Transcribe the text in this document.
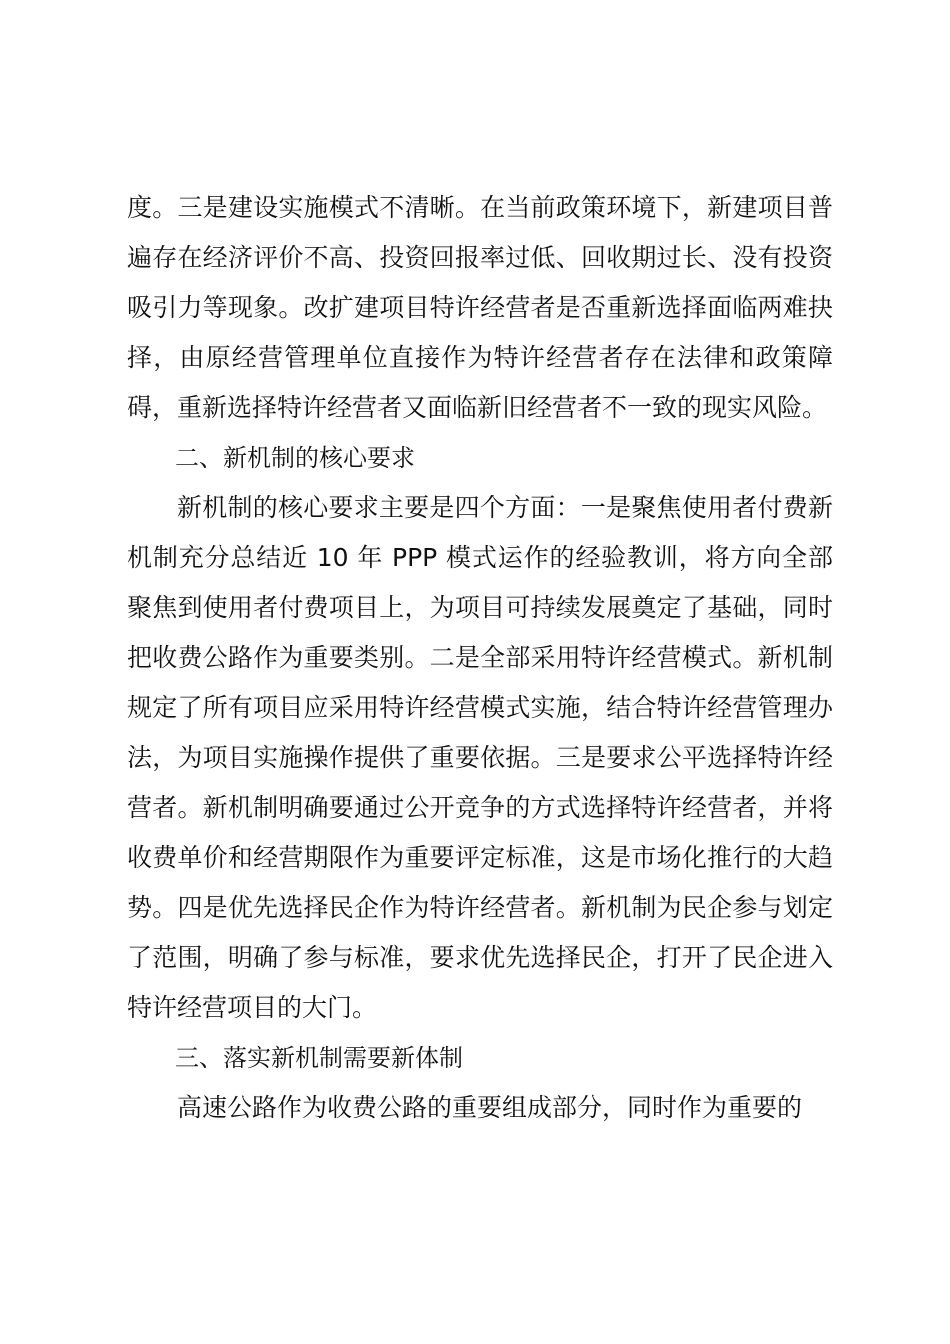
度。三是建设实施模式不清晰。在当前政策环境下，新建项目普遍存在经济评价不高、投资回报率过低、回收期过长、没有投资吸引力等现象。改扩建项目特许经营者是否重新选择面临两难抉择，由原经营管理单位直接作为特许经营者存在法律和政策障碍，重新选择特许经营者又面临新旧经营者不一致的现实风险。

二、新机制的核心要求

新机制的核心要求主要是四个方面：一是聚焦使用者付费新机制充分总结近 10 年 PPP 模式运作的经验教训，将方向全部聚焦到使用者付费项目上，为项目可持续发展奠定了基础，同时把收费公路作为重要类别。二是全部采用特许经营模式。新机制规定了所有项目应采用特许经营模式实施，结合特许经营管理办法，为项目实施操作提供了重要依据。三是要求公平选择特许经营者。新机制明确要通过公开竞争的方式选择特许经营者，并将收费单价和经营期限作为重要评定标准，这是市场化推行的大趋势。四是优先选择民企作为特许经营者。新机制为民企参与划定了范围，明确了参与标准，要求优先选择民企，打开了民企进入特许经营项目的大门。

三、落实新机制需要新体制

高速公路作为收费公路的重要组成部分，同时作为重要的
